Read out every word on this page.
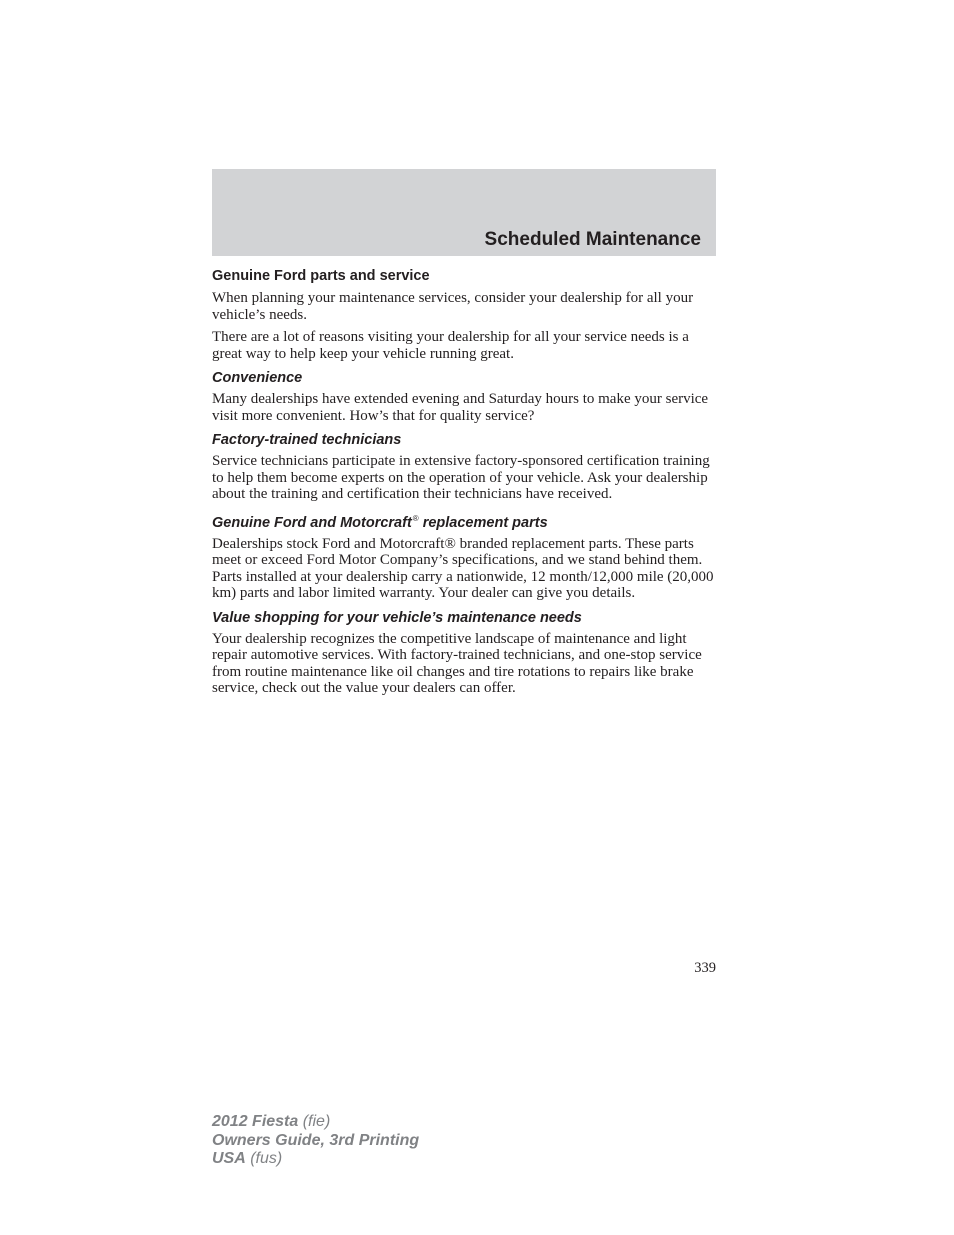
Scheduled Maintenance
Genuine Ford parts and service

When planning your maintenance services, consider your dealership for all your vehicle’s needs.

There are a lot of reasons visiting your dealership for all your service needs is a great way to help keep your vehicle running great.

Convenience

Many dealerships have extended evening and Saturday hours to make your service visit more convenient. How’s that for quality service?

Factory-trained technicians

Service technicians participate in extensive factory-sponsored certification training to help them become experts on the operation of your vehicle. Ask your dealership about the training and certification their technicians have received.

Genuine Ford and Motorcraft® replacement parts

Dealerships stock Ford and Motorcraft® branded replacement parts. These parts meet or exceed Ford Motor Company’s specifications, and we stand behind them. Parts installed at your dealership carry a nationwide, 12 month/12,000 mile (20,000 km) parts and labor limited warranty. Your dealer can give you details.

Value shopping for your vehicle’s maintenance needs

Your dealership recognizes the competitive landscape of maintenance and light repair automotive services. With factory-trained technicians, and one-stop service from routine maintenance like oil changes and tire rotations to repairs like brake service, check out the value your dealers can offer.

339
2012 Fiesta (fie)
Owners Guide, 3rd Printing
USA (fus)
